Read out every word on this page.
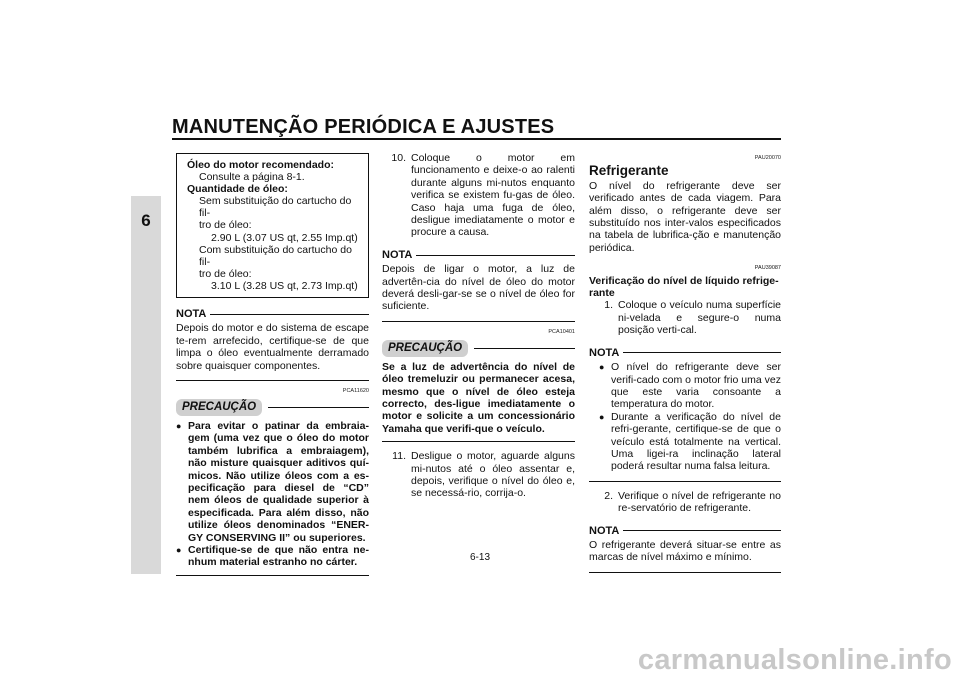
MANUTENÇÃO PERIÓDICA E AJUSTES
6
Óleo do motor recomendado:
Consulte a página 8-1.
Quantidade de óleo:
Sem substituição do cartucho do fil-
tro de óleo:
2.90 L (3.07 US qt, 2.55 Imp.qt)
Com substituição do cartucho do fil-
tro de óleo:
3.10 L (3.28 US qt, 2.73 Imp.qt)
NOTA

Depois do motor e do sistema de escape te-rem arrefecido, certifique-se de que limpa o óleo eventualmente derramado sobre quaisquer componentes.

PCA11620
PRECAUÇÃO
● Para evitar o patinar da embraia-gem (uma vez que o óleo do motor também lubrifica a embraiagem), não misture quaisquer aditivos quí-micos. Não utilize óleos com a es-pecificação para diesel de “CD” nem óleos de qualidade superior à especificada. Para além disso, não utilize óleos denominados “ENER-GY CONSERVING II” ou superiores.
● Certifique-se de que não entra ne-nhum material estranho no cárter.
10. Coloque o motor em funcionamento e deixe-o ao ralenti durante alguns mi-nutos enquanto verifica se existem fu-gas de óleo. Caso haja uma fuga de óleo, desligue imediatamente o motor e procure a causa.
NOTA

Depois de ligar o motor, a luz de advertên-cia do nível de óleo do motor deverá desli-gar-se se o nível de óleo for suficiente.

PCA10401
PRECAUÇÃO

Se a luz de advertência do nível de óleo tremeluzir ou permanecer acesa, mesmo que o nível de óleo esteja correcto, des-ligue imediatamente o motor e solicite a um concessionário Yamaha que verifi-que o veículo.

11. Desligue o motor, aguarde alguns mi-nutos até o óleo assentar e, depois, verifique o nível do óleo e, se necessá-rio, corrija-o.
PAU20070
Refrigerante

O nível do refrigerante deve ser verificado antes de cada viagem. Para além disso, o refrigerante deve ser substituído nos inter-valos especificados na tabela de lubrifica-ção e manutenção periódica.

PAU39087
Verificação do nível de líquido refrige-rante
1. Coloque o veículo numa superfície ni-velada e segure-o numa posição verti-cal.
NOTA
● O nível do refrigerante deve ser verifi-cado com o motor frio uma vez que este varia consoante a temperatura do motor.
● Durante a verificação do nível de refri-gerante, certifique-se de que o veículo está totalmente na vertical. Uma ligei-ra inclinação lateral poderá resultar numa falsa leitura.
2. Verifique o nível de refrigerante no re-servatório de refrigerante.
NOTA

O refrigerante deverá situar-se entre as marcas de nível máximo e mínimo.

6-13
carmanualsonline.info
